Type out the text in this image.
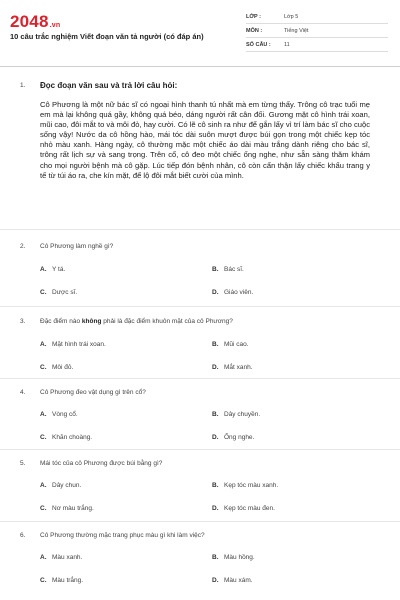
2048.vn
10 câu trắc nghiệm Viết đoạn văn tả người (có đáp án)
LỚP :	Lớp 5
MÔN :	Tiếng Việt
SỐ CÂU :	11
1. Đọc đoạn văn sau và trả lời câu hỏi:
Cô Phương là một nữ bác sĩ có ngoại hình thanh tú nhất mà em từng thấy. Trông cô trạc tuổi mẹ em mà lại không quá gầy, không quá béo, dáng người rất cân đối. Gương mặt cô hình trái xoan, mũi cao, đôi mắt to và môi đỏ, hay cười. Có lẽ cô sinh ra như để gắn lấy vì trí làm bác sĩ cho cuộc sống vậy! Nước da cô hồng hào, mái tóc dài suôn mượt được búi gọn trong một chiếc kẹp tóc nhỏ màu xanh. Hàng ngày, cô thường mặc một chiếc áo dài màu trắng dành riêng cho bác sĩ, trông rất lịch sự và sang trọng. Trên cổ, cô đeo một chiếc ống nghe, như sẵn sàng thăm khám cho mọi người bệnh mà cô gặp. Lúc tiếp đón bệnh nhân, cô còn cẩn thận lấy chiếc khẩu trang y tế từ túi áo ra, che kín mặt, để lộ đôi mắt biết cười của mình.
2. Cô Phương làm nghề gì?
A. Y tá.	B. Bác sĩ.
C. Dược sĩ.	D. Giáo viên.
3. Đặc điểm nào không phải là đặc điểm khuôn mặt của cô Phương?
A. Mặt hình trái xoan.	B. Mũi cao.
C. Môi đỏ.	D. Mắt xanh.
4. Cô Phương đeo vật dụng gì trên cổ?
A. Vòng cổ.	B. Dây chuyền.
C. Khăn choàng.	D. Ống nghe.
5. Mái tóc của cô Phương được búi bằng gì?
A. Dây chun.	B. Kẹp tóc màu xanh.
C. Nơ màu trắng.	D. Kẹp tóc màu đen.
6. Cô Phương thường mặc trang phục màu gì khi làm việc?
A. Màu xanh.	B. Màu hồng.
C. Màu trắng.	D. Màu xám.
